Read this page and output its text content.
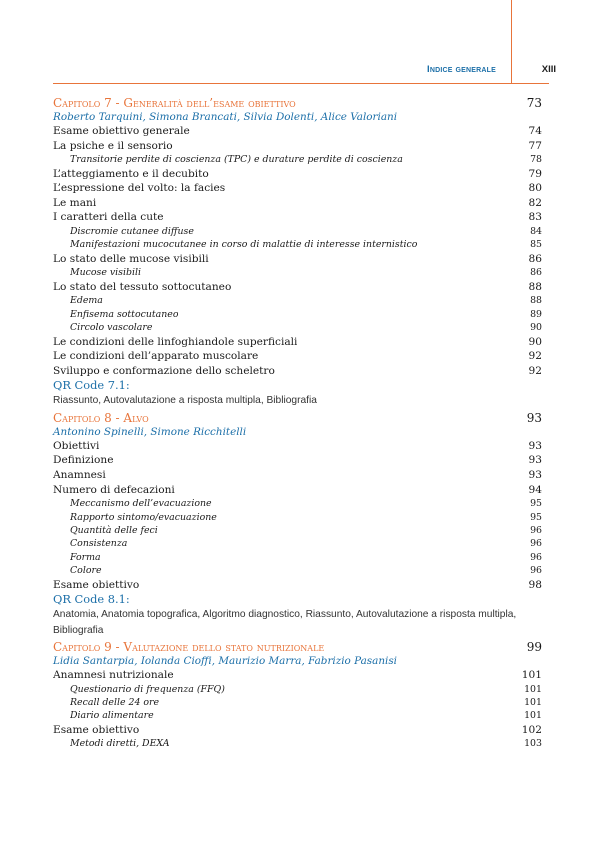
Indice generale	XIII
Capitolo 7 - Generalità dell’esame obiettivo	73
Roberto Tarquini, Simona Brancati, Silvia Dolenti, Alice Valoriani
Esame obiettivo generale	74
La psiche e il sensorio	77
Transitorie perdite di coscienza (TPC) e durature perdite di coscienza	78
L’atteggiamento e il decubito	79
L’espressione del volto: la facies	80
Le mani	82
I caratteri della cute	83
Discromie cutanee diffuse	84
Manifestazioni mucocutanee in corso di malattie di interesse internistico	85
Lo stato delle mucose visibili	86
Mucose visibili	86
Lo stato del tessuto sottocutaneo	88
Edema	88
Enfisema sottocutaneo	89
Circolo vascolare	90
Le condizioni delle linfoghiandole superficiali	90
Le condizioni dell’apparato muscolare	92
Sviluppo e conformazione dello scheletro	92
QR Code 7.1:
Riassunto, Autovalutazione a risposta multipla, Bibliografia
Capitolo 8 - Alvo	93
Antonino Spinelli, Simone Ricchitelli
Obiettivi	93
Definizione	93
Anamnesi	93
Numero di defecazioni	94
Meccanismo dell’evacuazione	95
Rapporto sintomo/evacuazione	95
Quantità delle feci	96
Consistenza	96
Forma	96
Colore	96
Esame obiettivo	98
QR Code 8.1:
Anatomia, Anatomia topografica, Algoritmo diagnostico, Riassunto, Autovalutazione a risposta multipla, Bibliografia
Capitolo 9 - Valutazione dello stato nutrizionale	99
Lidia Santarpia, Iolanda Cioffi, Maurizio Marra, Fabrizio Pasanisi
Anamnesi nutrizionale	101
Questionario di frequenza (FFQ)	101
Recall delle 24 ore	101
Diario alimentare	101
Esame obiettivo	102
Metodi diretti, DEXA	103
